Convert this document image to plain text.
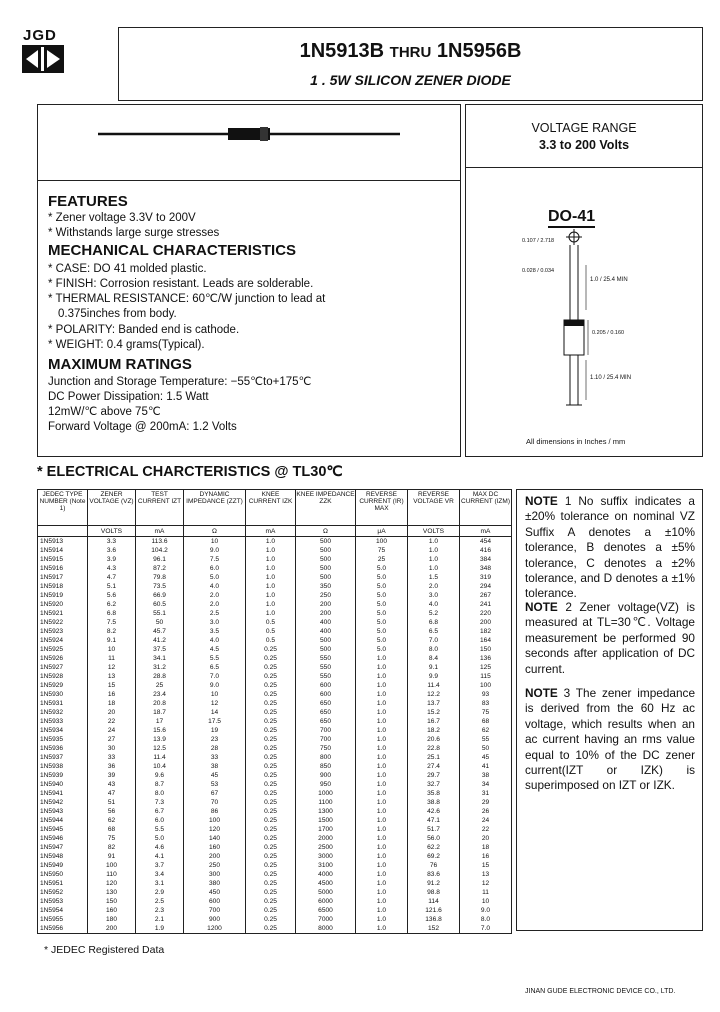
JGD
1N5913B THRU 1N5956B
1 . 5W SILICON ZENER DIODE
FEATURES
* Zener voltage 3.3V to 200V
* Withstands large surge stresses
MECHANICAL CHARACTERISTICS
* CASE: DO 41 molded plastic.
* FINISH: Corrosion resistant. Leads are solderable.
* THERMAL RESISTANCE: 60℃/W junction to lead at
0.375inches from body.
* POLARITY: Banded end is cathode.
* WEIGHT: 0.4 grams(Typical).
MAXIMUM RATINGS
Junction and Storage Temperature: −55℃to+175℃
DC Power Dissipation: 1.5 Watt
12mW/℃ above 75℃
Forward Voltage @ 200mA: 1.2 Volts
VOLTAGE RANGE
3.3 to 200 Volts
DO-41
0.107 / 2.718
0.028 / 0.034
1.0 / 25.4 MIN
0.205 / 0.160
1.10 / 25.4 MIN
All dimensions in Inches / mm
* ELECTRICAL CHARCTERISTICS @ TL30℃
JEDEC TYPE NUMBER (Note 1)	ZENER VOLTAGE (VZ)	TEST CURRENT IZT	DYNAMIC IMPEDANCE (ZZT)	KNEE CURRENT IZK	KNEE IMPEDANCE ZZK	REVERSE CURRENT (IR) MAX	REVERSE VOLTAGE VR	MAX DC CURRENT (IZM)
	VOLTS	mA	Ω	mA	Ω	μA	VOLTS	mA
1N5913	3.3	113.6	10	1.0	500	100	1.0	454
1N5914	3.6	104.2	9.0	1.0	500	75	1.0	416
1N5915	3.9	96.1	7.5	1.0	500	25	1.0	384
1N5916	4.3	87.2	6.0	1.0	500	5.0	1.0	348
1N5917	4.7	79.8	5.0	1.0	500	5.0	1.5	319
1N5918	5.1	73.5	4.0	1.0	350	5.0	2.0	294
1N5919	5.6	66.9	2.0	1.0	250	5.0	3.0	267
1N5920	6.2	60.5	2.0	1.0	200	5.0	4.0	241
1N5921	6.8	55.1	2.5	1.0	200	5.0	5.2	220
1N5922	7.5	50	3.0	0.5	400	5.0	6.8	200
1N5923	8.2	45.7	3.5	0.5	400	5.0	6.5	182
1N5924	9.1	41.2	4.0	0.5	500	5.0	7.0	164
1N5925	10	37.5	4.5	0.25	500	5.0	8.0	150
1N5926	11	34.1	5.5	0.25	550	1.0	8.4	136
1N5927	12	31.2	6.5	0.25	550	1.0	9.1	125
1N5928	13	28.8	7.0	0.25	550	1.0	9.9	115
1N5929	15	25	9.0	0.25	600	1.0	11.4	100
1N5930	16	23.4	10	0.25	600	1.0	12.2	93
1N5931	18	20.8	12	0.25	650	1.0	13.7	83
1N5932	20	18.7	14	0.25	650	1.0	15.2	75
1N5933	22	17	17.5	0.25	650	1.0	16.7	68
1N5934	24	15.6	19	0.25	700	1.0	18.2	62
1N5935	27	13.9	23	0.25	700	1.0	20.6	55
1N5936	30	12.5	28	0.25	750	1.0	22.8	50
1N5937	33	11.4	33	0.25	800	1.0	25.1	45
1N5938	36	10.4	38	0.25	850	1.0	27.4	41
1N5939	39	9.6	45	0.25	900	1.0	29.7	38
1N5940	43	8.7	53	0.25	950	1.0	32.7	34
1N5941	47	8.0	67	0.25	1000	1.0	35.8	31
1N5942	51	7.3	70	0.25	1100	1.0	38.8	29
1N5943	56	6.7	86	0.25	1300	1.0	42.6	26
1N5944	62	6.0	100	0.25	1500	1.0	47.1	24
1N5945	68	5.5	120	0.25	1700	1.0	51.7	22
1N5946	75	5.0	140	0.25	2000	1.0	56.0	20
1N5947	82	4.6	160	0.25	2500	1.0	62.2	18
1N5948	91	4.1	200	0.25	3000	1.0	69.2	16
1N5949	100	3.7	250	0.25	3100	1.0	76	15
1N5950	110	3.4	300	0.25	4000	1.0	83.6	13
1N5951	120	3.1	380	0.25	4500	1.0	91.2	12
1N5952	130	2.9	450	0.25	5000	1.0	98.8	11
1N5953	150	2.5	600	0.25	6000	1.0	114	10
1N5954	160	2.3	700	0.25	6500	1.0	121.6	9.0
1N5955	180	2.1	900	0.25	7000	1.0	136.8	8.0
1N5956	200	1.9	1200	0.25	8000	1.0	152	7.0
* JEDEC Registered Data
NOTE 1 No suffix indicates a ±20% tolerance on nominal VZ Suffix A denotes a ±10% tolerance, B denotes a ±5% tolerance, C denotes a ±2% tolerance, and D denotes a ±1% tolerance.
NOTE 2 Zener voltage(VZ) is measured at TL=30℃. Voltage measurement be performed 90 seconds after application of DC current.
NOTE 3 The zener impedance is derived from the 60 Hz ac voltage, which results when an ac current having an rms value equal to 10% of the DC zener current(IZT or IZK) is superimposed on IZT or IZK.
JINAN GUDE ELECTRONIC DEVICE CO., LTD.
